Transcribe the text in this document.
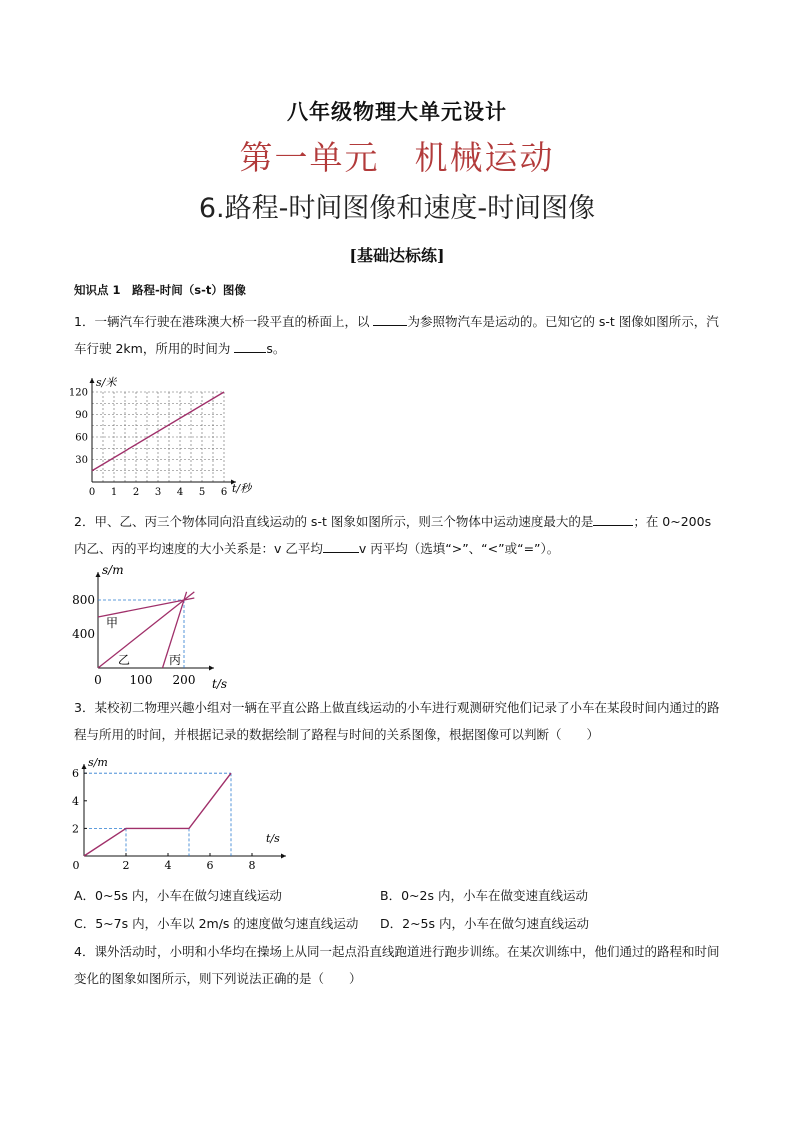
八年级物理大单元设计
第一单元　机械运动
6.路程-时间图像和速度-时间图像
[基础达标练]
知识点 1　路程-时间（s-t）图像
1．一辆汽车行驶在港珠澳大桥一段平直的桥面上，以	为参照物汽车是运动的。已知它的 s-t 图像如图所示，汽车行驶 2km，所用的时间为	s。
0 1 2 3 4 5 6
30
60
90
120
s/米
t/秒
2．甲、乙、丙三个物体同向沿直线运动的 s-t 图象如图所示，则三个物体中运动速度最大的是	；在 0~200s 内乙、丙的平均速度的大小关系是：v 乙平均	v 丙平均（选填“>”、“<”或“=”）。
0 100 200
400
800
甲
乙	丙
s/m
t/s
3．某校初二物理兴趣小组对一辆在平直公路上做直线运动的小车进行观测研究他们记录了小车在某段时间内通过的路程与所用的时间，并根据记录的数据绘制了路程与时间的关系图像，根据图像可以判断（　　）
0	2	4	6	8
2
4
6
s/m
t/s
A．0~5s 内，小车在做匀速直线运动	B．0~2s 内，小车在做变速直线运动
C．5~7s 内，小车以 2m/s 的速度做匀速直线运动 D．2~5s 内，小车在做匀速直线运动
4．课外活动时，小明和小华均在操场上从同一起点沿直线跑道进行跑步训练。在某次训练中，他们通过的路程和时间变化的图象如图所示，则下列说法正确的是（　　）
